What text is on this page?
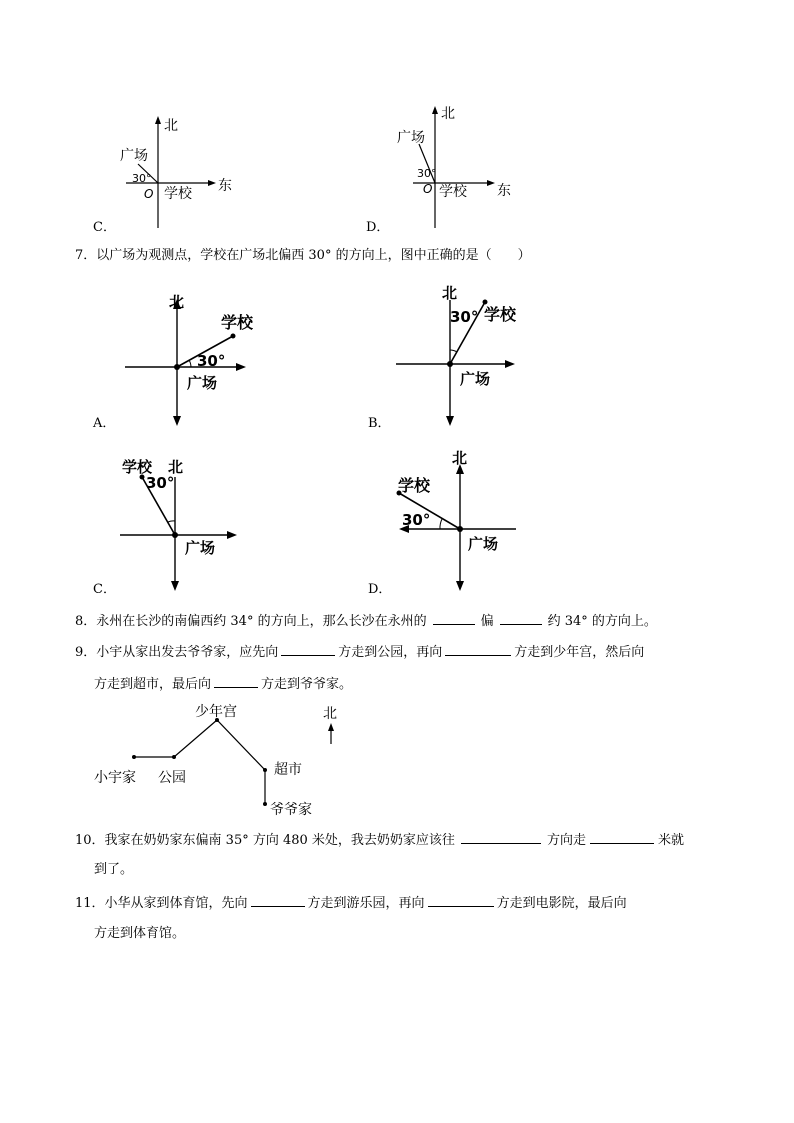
北
东
广场
30°
O 学校
C．
北
东
广场
30°
O 学校
D．
7．以广场为观测点，学校在广场北偏西 30° 的方向上，图中正确的是（　　）
北
学校
30°
广场
A．
北
30° 学校
广场
B．
学校 北
30°
广场
C．
北
学校
30°
广场
D．
8．永州在长沙的南偏西约 34° 的方向上，那么长沙在永州的	偏	约 34° 的方向上。
9．小宇从家出发去爷爷家，应先向	方走到公园，再向	方走到少年宫，然后向
方走到超市，最后向	方走到爷爷家。
少年宫	北
小宇家 公园	超市
爷爷家
10．我家在奶奶家东偏南 35° 方向 480 米处，我去奶奶家应该往	方向走	米就
到了。
11．小华从家到体育馆，先向	方走到游乐园，再向	方走到电影院，最后向
方走到体育馆。
